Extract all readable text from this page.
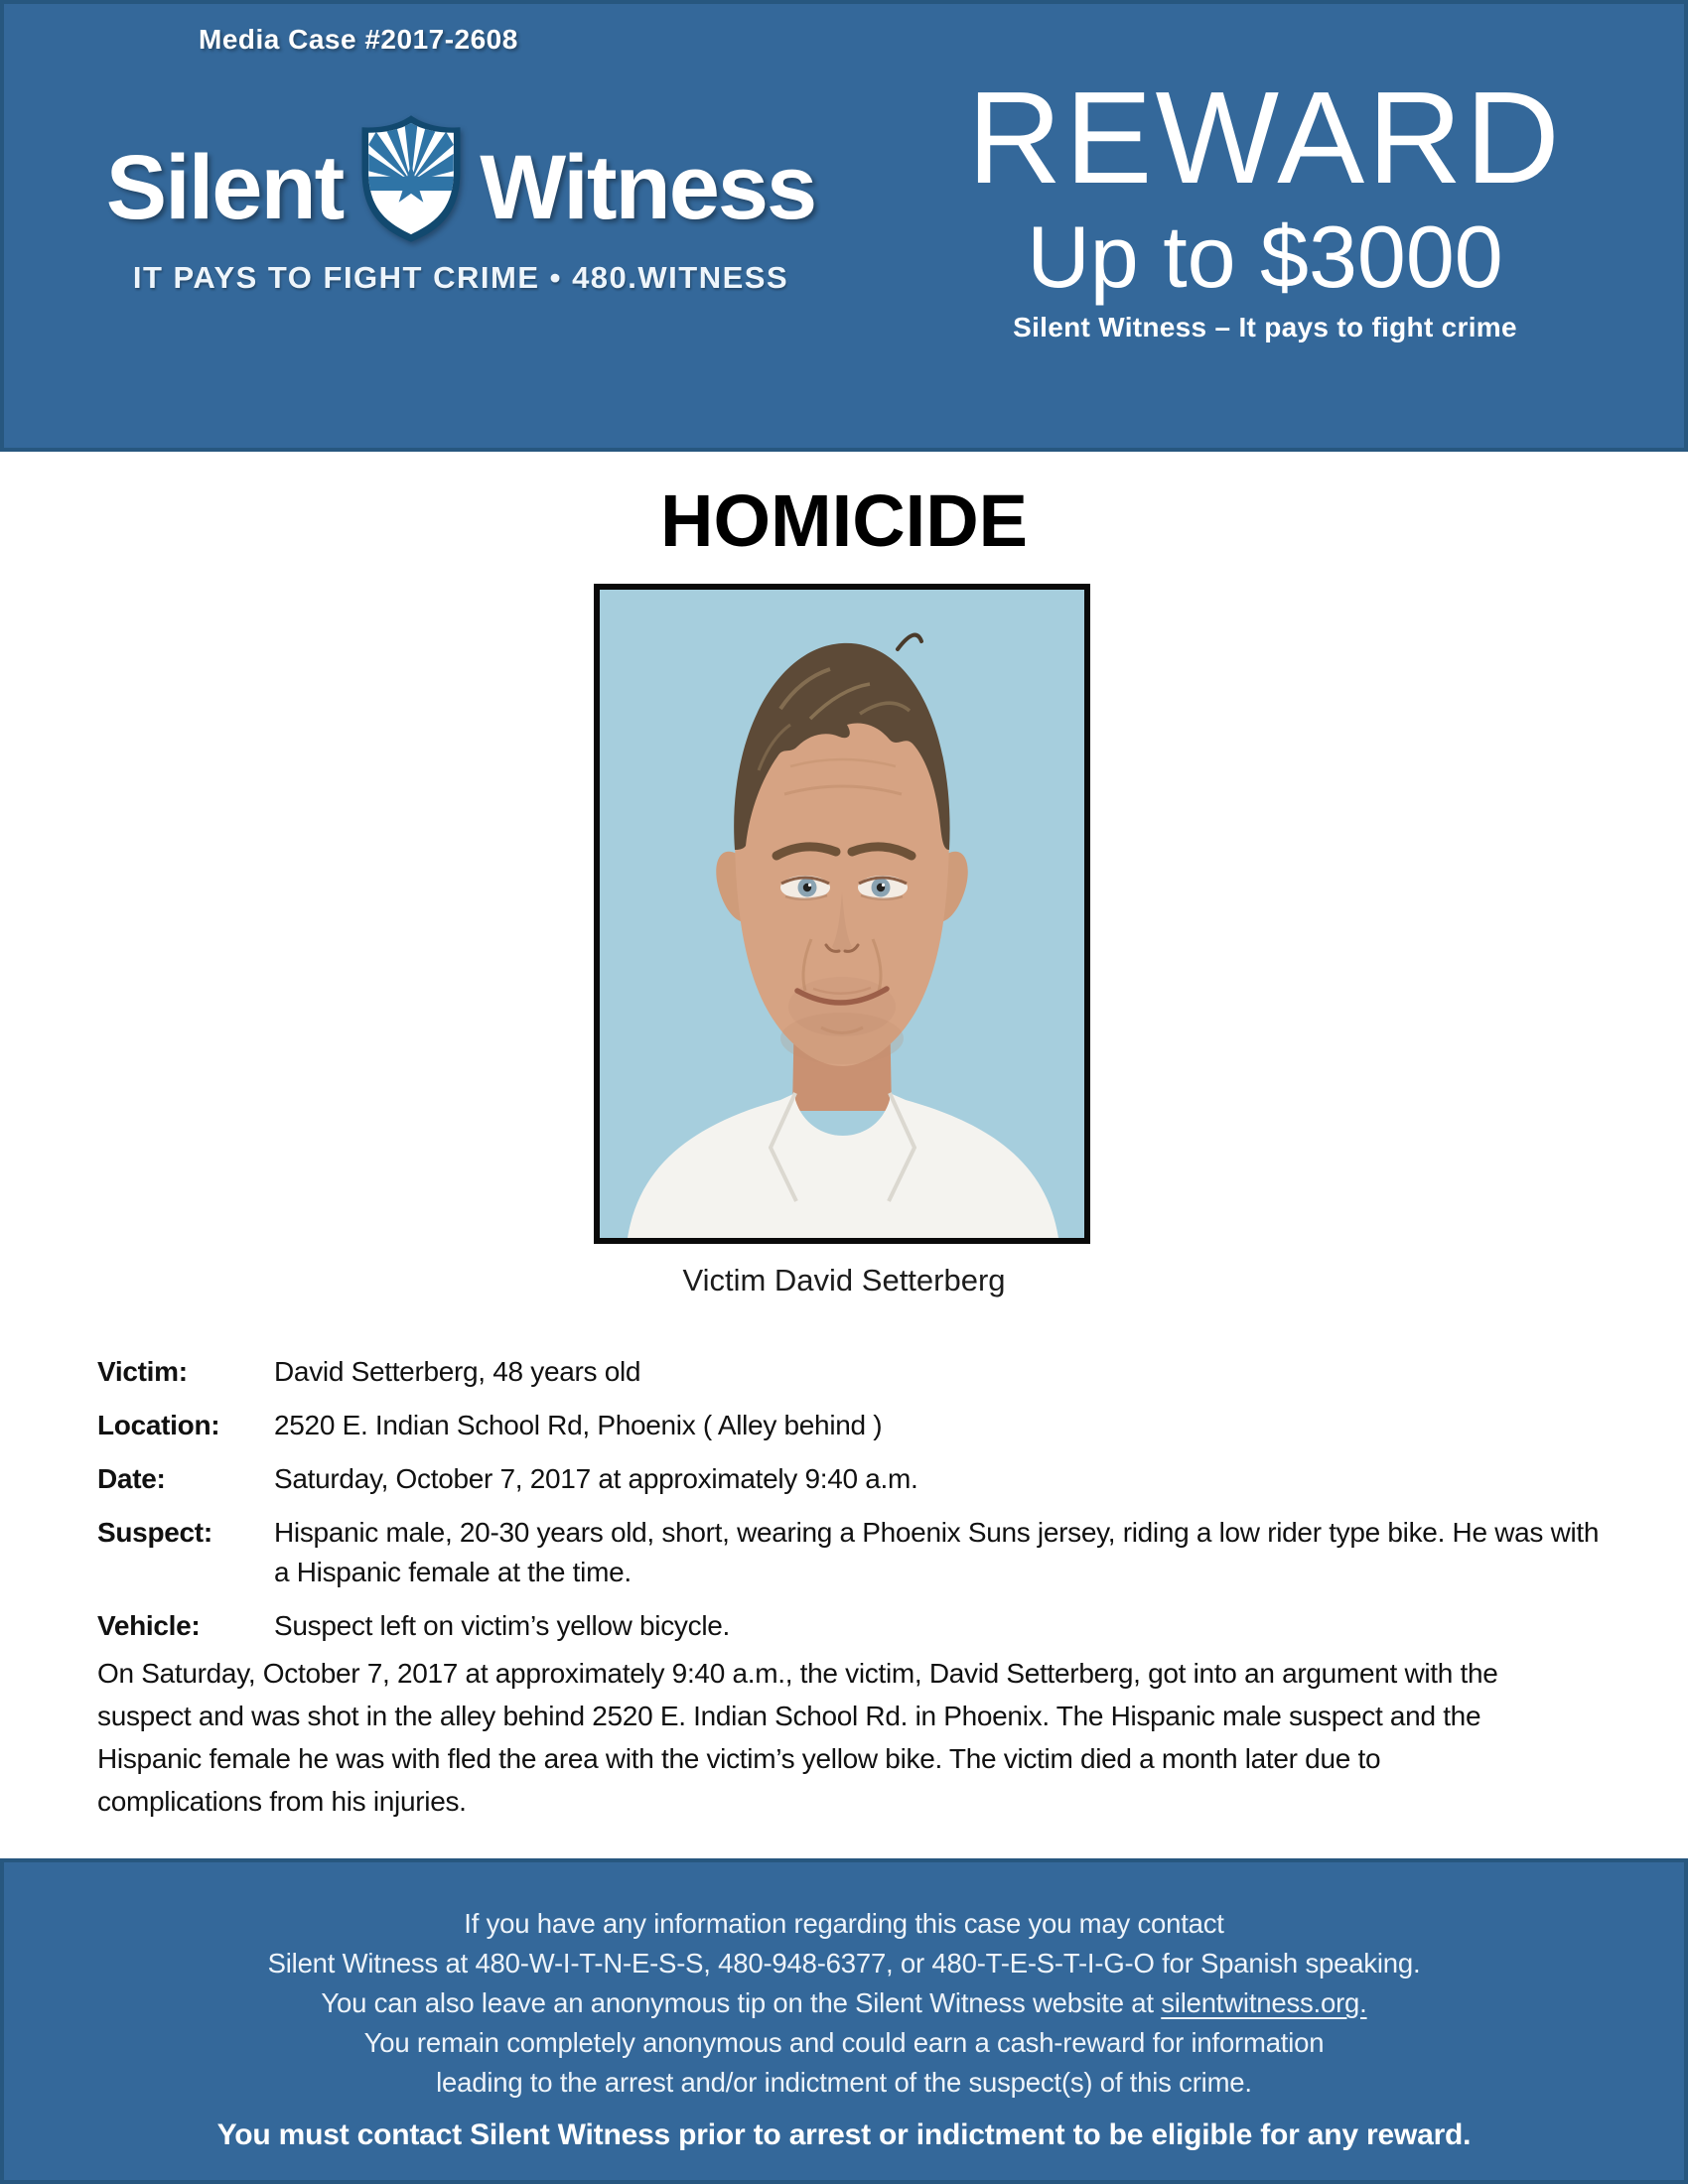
Media Case #2017-2608
Silent Witness
IT PAYS TO FIGHT CRIME • 480.WITNESS
REWARD
Up to $3000
Silent Witness – It pays to fight crime
HOMICIDE
Victim David Setterberg
Victim:	David Setterberg, 48 years old
Location:	2520 E. Indian School Rd, Phoenix ( Alley behind )
Date:	Saturday, October 7, 2017 at approximately 9:40 a.m.
Suspect:	Hispanic male, 20-30 years old, short, wearing a Phoenix Suns jersey, riding a low rider type bike. He was with a Hispanic female at the time.
Vehicle:	Suspect left on victim’s yellow bicycle.

On Saturday, October 7, 2017 at approximately 9:40 a.m., the victim, David Setterberg, got into an argument with the suspect and was shot in the alley behind 2520 E. Indian School Rd. in Phoenix. The Hispanic male suspect and the Hispanic female he was with fled the area with the victim’s yellow bike. The victim died a month later due to complications from his injuries.

If you have any information regarding this case you may contact

Silent Witness at 480-W-I-T-N-E-S-S, 480-948-6377, or 480-T-E-S-T-I-G-O for Spanish speaking.

You can also leave an anonymous tip on the Silent Witness website at silentwitness.org.

You remain completely anonymous and could earn a cash-reward for information

leading to the arrest and/or indictment of the suspect(s) of this crime.

You must contact Silent Witness prior to arrest or indictment to be eligible for any reward.
